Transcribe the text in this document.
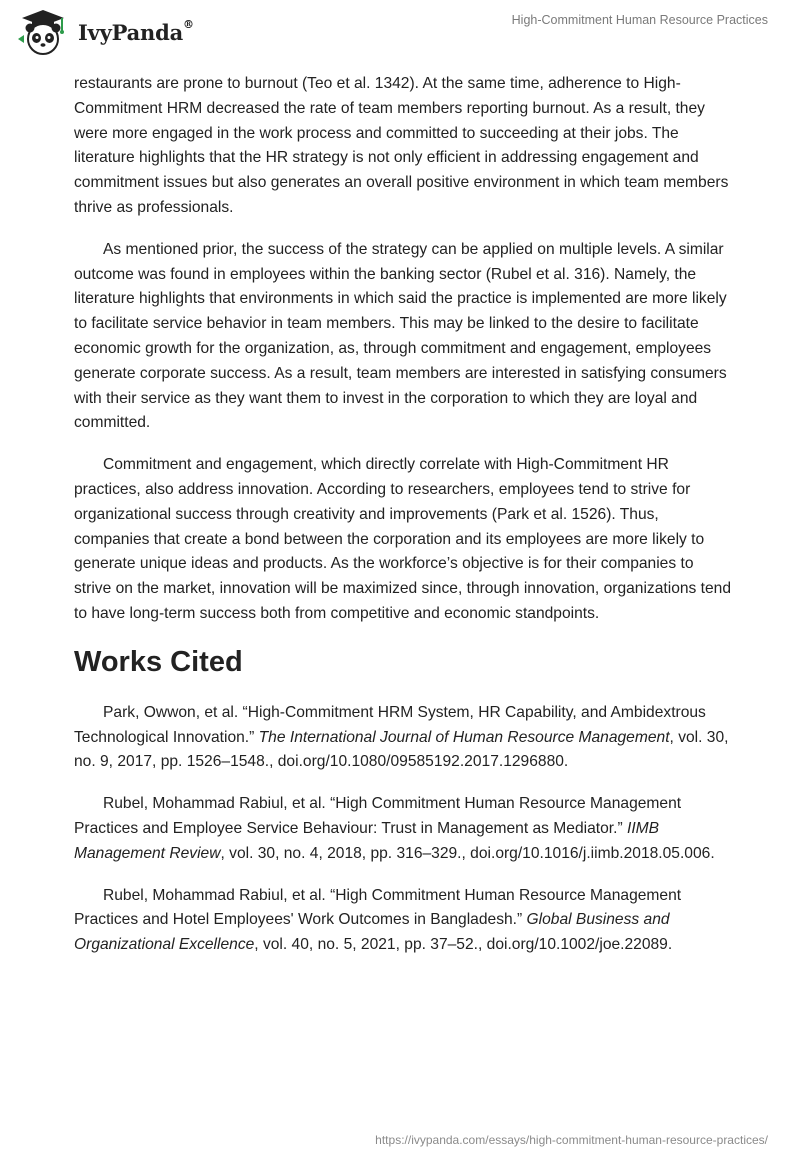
IvyPanda®	High-Commitment Human Resource Practices

restaurants are prone to burnout (Teo et al. 1342). At the same time, adherence to High-Commitment HRM decreased the rate of team members reporting burnout. As a result, they were more engaged in the work process and committed to succeeding at their jobs. The literature highlights that the HR strategy is not only efficient in addressing engagement and commitment issues but also generates an overall positive environment in which team members thrive as professionals.

As mentioned prior, the success of the strategy can be applied on multiple levels. A similar outcome was found in employees within the banking sector (Rubel et al. 316). Namely, the literature highlights that environments in which said the practice is implemented are more likely to facilitate service behavior in team members. This may be linked to the desire to facilitate economic growth for the organization, as, through commitment and engagement, employees generate corporate success. As a result, team members are interested in satisfying consumers with their service as they want them to invest in the corporation to which they are loyal and committed.

Commitment and engagement, which directly correlate with High-Commitment HR practices, also address innovation. According to researchers, employees tend to strive for organizational success through creativity and improvements (Park et al. 1526). Thus, companies that create a bond between the corporation and its employees are more likely to generate unique ideas and products. As the workforce’s objective is for their companies to strive on the market, innovation will be maximized since, through innovation, organizations tend to have long-term success both from competitive and economic standpoints.

Works Cited

Park, Owwon, et al. “High-Commitment HRM System, HR Capability, and Ambidextrous Technological Innovation.” The International Journal of Human Resource Management, vol. 30, no. 9, 2017, pp. 1526–1548., doi.org/10.1080/09585192.2017.1296880.

Rubel, Mohammad Rabiul, et al. “High Commitment Human Resource Management Practices and Employee Service Behaviour: Trust in Management as Mediator.” IIMB Management Review, vol. 30, no. 4, 2018, pp. 316–329., doi.org/10.1016/j.iimb.2018.05.006.

Rubel, Mohammad Rabiul, et al. “High Commitment Human Resource Management Practices and Hotel Employees' Work Outcomes in Bangladesh.” Global Business and Organizational Excellence, vol. 40, no. 5, 2021, pp. 37–52., doi.org/10.1002/joe.22089.

https://ivypanda.com/essays/high-commitment-human-resource-practices/
